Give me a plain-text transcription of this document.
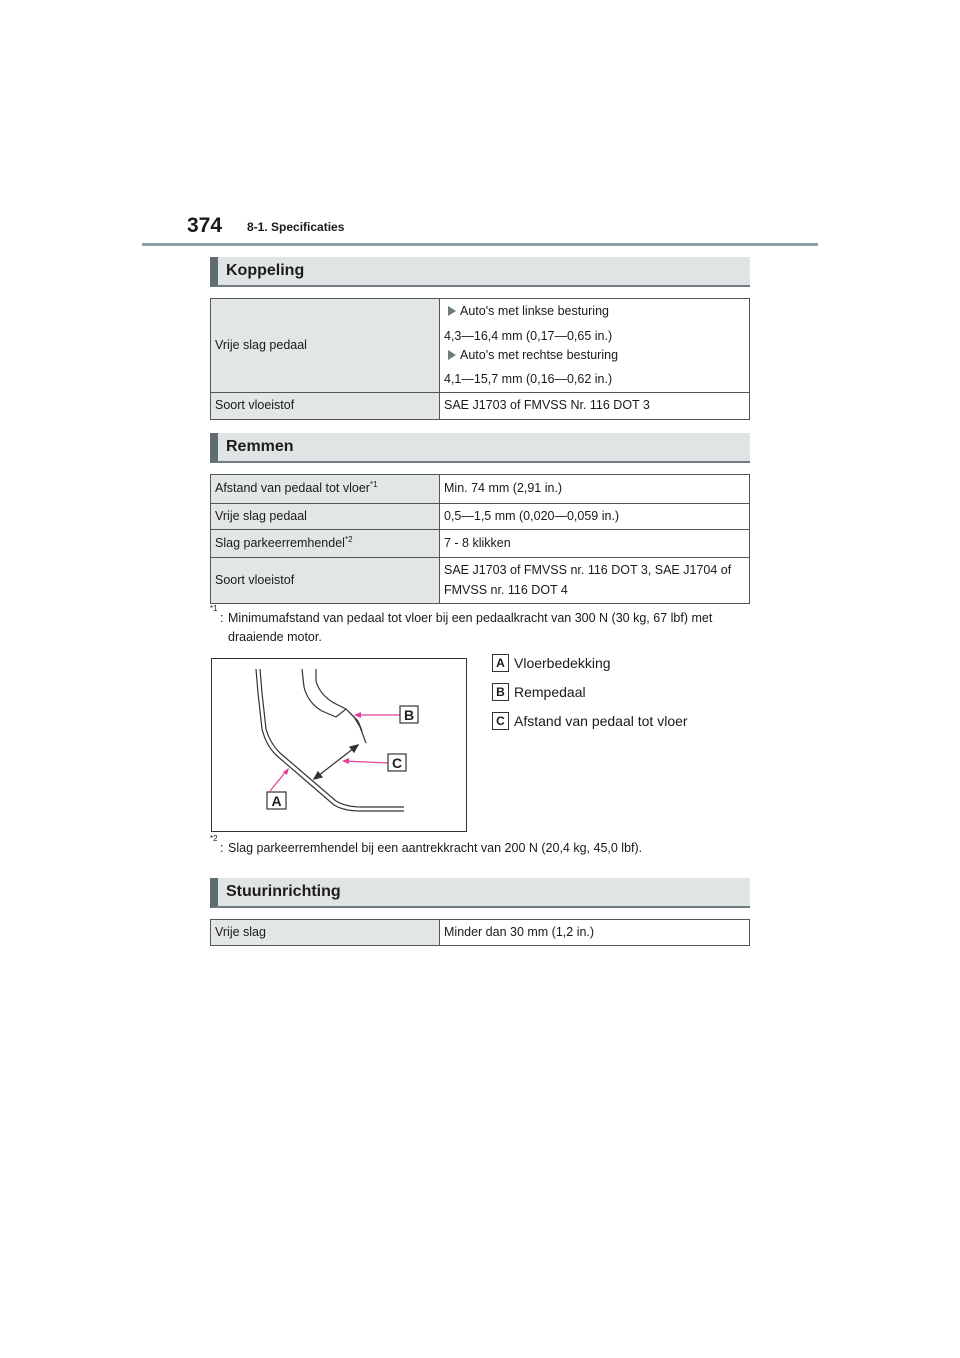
374 8-1. Specificaties
Koppeling
Vrije slag pedaal	Auto's met linkse besturing
4,3—16,4 mm (0,17—0,65 in.)
Auto's met rechtse besturing
4,1—15,7 mm (0,16—0,62 in.)

Soort vloeistof	SAE J1703 of FMVSS Nr. 116 DOT 3
Remmen
Afstand van pedaal tot vloer$^{*1}$	Min. 74 mm (2,91 in.)
Vrije slag pedaal	0,5—1,5 mm (0,020—0,059 in.)
Slag parkeerremhendel$^{*2}$	7 - 8 klikken
Soort vloeistof	SAE J1703 of FMVSS nr. 116 DOT 3, SAE J1704 of
FMVSS nr. 116 DOT 4
*1
: Minimumafstand van pedaal tot vloer bij een pedaalkracht van 300 N (30 kg, 67 lbf) met draaiende motor.
B
C
A
A Vloerbedekking
B Rempedaal
C Afstand van pedaal tot vloer
*2
: Slag parkeerremhendel bij een aantrekkracht van 200 N (20,4 kg, 45,0 lbf).
Stuurinrichting
Vrije slag	Minder dan 30 mm (1,2 in.)
